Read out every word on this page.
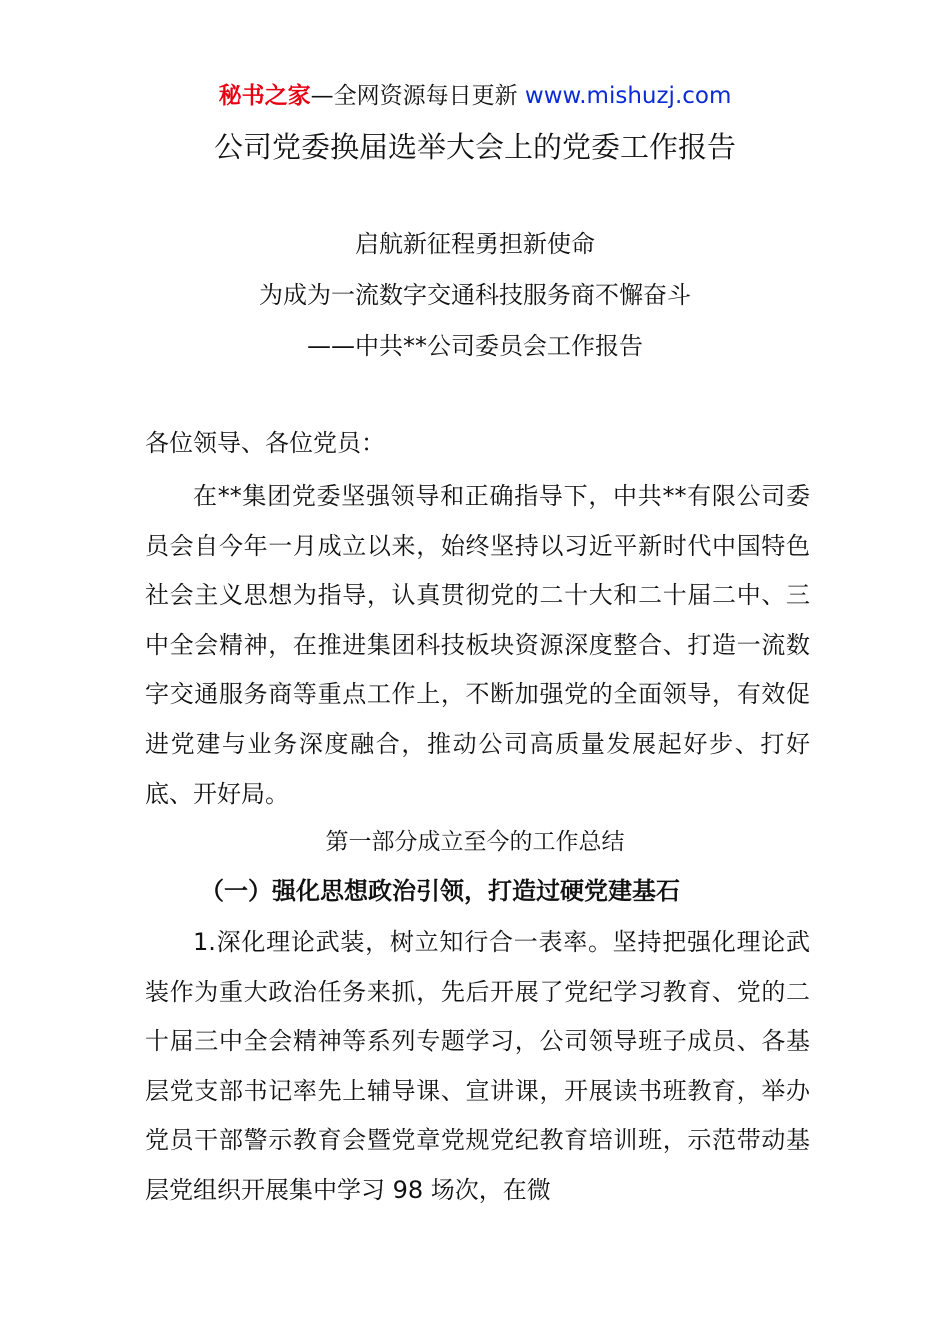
秘书之家—全网资源每日更新 www.mishuzj.com
公司党委换届选举大会上的党委工作报告
启航新征程勇担新使命
为成为一流数字交通科技服务商不懈奋斗
——中共**公司委员会工作报告
各位领导、各位党员：
在**集团党委坚强领导和正确指导下，中共**有限公司委员会自今年一月成立以来，始终坚持以习近平新时代中国特色社会主义思想为指导，认真贯彻党的二十大和二十届二中、三中全会精神，在推进集团科技板块资源深度整合、打造一流数字交通服务商等重点工作上，不断加强党的全面领导，有效促进党建与业务深度融合，推动公司高质量发展起好步、打好底、开好局。
第一部分成立至今的工作总结
（一）强化思想政治引领，打造过硬党建基石
1.深化理论武装，树立知行合一表率。坚持把强化理论武装作为重大政治任务来抓，先后开展了党纪学习教育、党的二十届三中全会精神等系列专题学习，公司领导班子成员、各基层党支部书记率先上辅导课、宣讲课，开展读书班教育，举办党员干部警示教育会暨党章党规党纪教育培训班，示范带动基层党组织开展集中学习 98 场次，在微
